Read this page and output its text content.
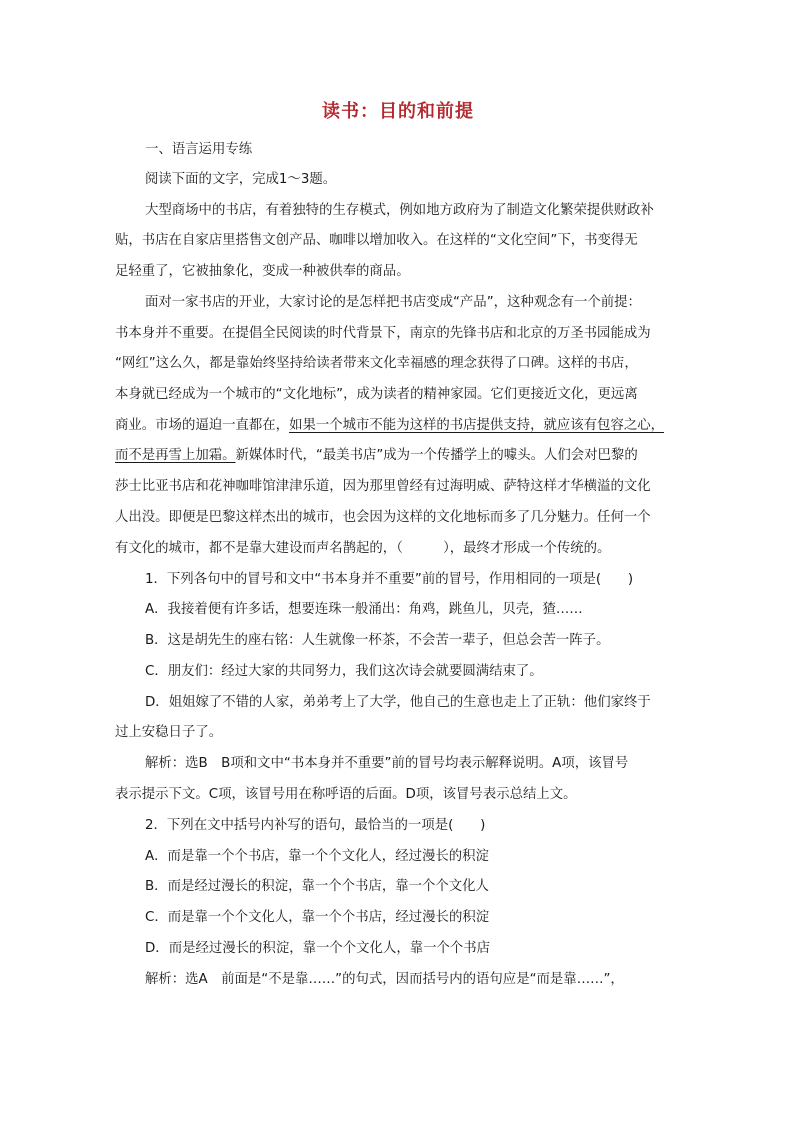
读书：目的和前提
一、语言运用专练
阅读下面的文字，完成1～3题。
大型商场中的书店，有着独特的生存模式，例如地方政府为了制造文化繁荣提供财政补
贴，书店在自家店里搭售文创产品、咖啡以增加收入。在这样的“文化空间”下，书变得无
足轻重了，它被抽象化，变成一种被供奉的商品。
面对一家书店的开业，大家讨论的是怎样把书店变成“产品”，这种观念有一个前提：
书本身并不重要。在提倡全民阅读的时代背景下，南京的先锋书店和北京的万圣书园能成为
“网红”这么久，都是靠始终坚持给读者带来文化幸福感的理念获得了口碑。这样的书店，
本身就已经成为一个城市的“文化地标”，成为读者的精神家园。它们更接近文化，更远离
商业。市场的逼迫一直都在，如果一个城市不能为这样的书店提供支持，就应该有包容之心，
而不是再雪上加霜。新媒体时代，“最美书店”成为一个传播学上的噱头。人们会对巴黎的
莎士比亚书店和花神咖啡馆津津乐道，因为那里曾经有过海明威、萨特这样才华横溢的文化
人出没。即便是巴黎这样杰出的城市，也会因为这样的文化地标而多了几分魅力。任何一个
有文化的城市，都不是靠大建设而声名鹊起的，（　　　），最终才形成一个传统的。
1．下列各句中的冒号和文中“书本身并不重要”前的冒号，作用相同的一项是(　　)
A．我接着便有许多话，想要连珠一般涌出：角鸡，跳鱼儿，贝壳，猹……
B．这是胡先生的座右铭：人生就像一杯茶，不会苦一辈子，但总会苦一阵子。
C．朋友们：经过大家的共同努力，我们这次诗会就要圆满结束了。
D．姐姐嫁了不错的人家，弟弟考上了大学，他自己的生意也走上了正轨：他们家终于
过上安稳日子了。
解析：选B　B项和文中“书本身并不重要”前的冒号均表示解释说明。A项，该冒号
表示提示下文。C项，该冒号用在称呼语的后面。D项，该冒号表示总结上文。
2．下列在文中括号内补写的语句，最恰当的一项是(　　)
A．而是靠一个个书店，靠一个个文化人，经过漫长的积淀
B．而是经过漫长的积淀，靠一个个书店，靠一个个文化人
C．而是靠一个个文化人，靠一个个书店，经过漫长的积淀
D．而是经过漫长的积淀，靠一个个文化人，靠一个个书店
解析：选A　前面是“不是靠……”的句式，因而括号内的语句应是“而是靠……”，
